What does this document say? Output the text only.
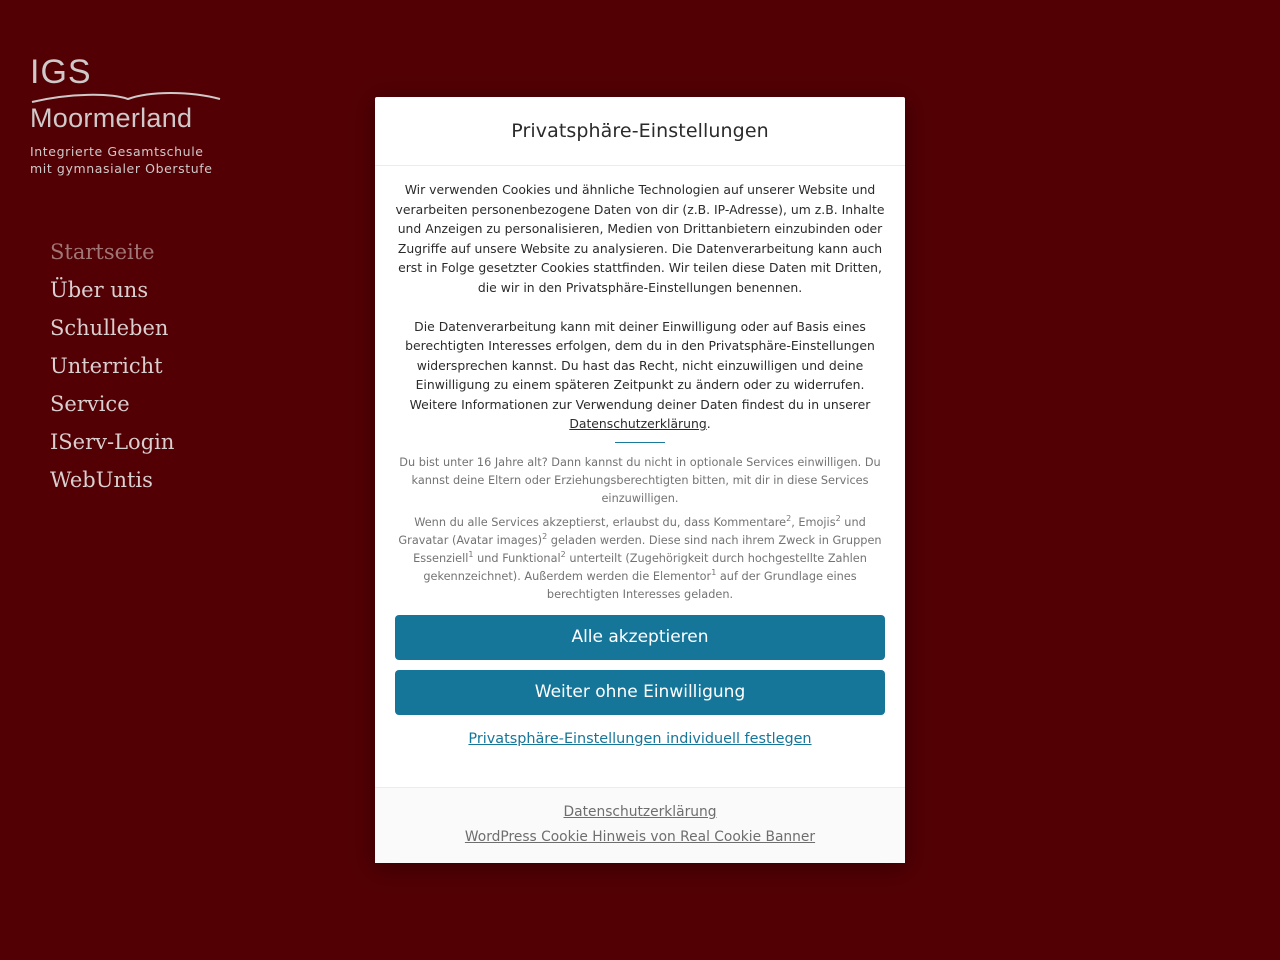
IGS
Moormerland
Integrierte Gesamtschule
mit gymnasialer Oberstufe
Startseite
Über uns
Schulleben
Unterricht
Service
IServ-Login
WebUntis
Privatsphäre-Einstellungen

Wir verwenden Cookies und ähnliche Technologien auf unserer Website und verarbeiten personenbezogene Daten von dir (z.B. IP-Adresse), um z.B. Inhalte und Anzeigen zu personalisieren, Medien von Drittanbietern einzubinden oder Zugriffe auf unsere Website zu analysieren. Die Datenverarbeitung kann auch erst in Folge gesetzter Cookies stattfinden. Wir teilen diese Daten mit Dritten, die wir in den Privatsphäre-Einstellungen benennen.

Die Datenverarbeitung kann mit deiner Einwilligung oder auf Basis eines berechtigten Interesses erfolgen, dem du in den Privatsphäre-Einstellungen widersprechen kannst. Du hast das Recht, nicht einzuwilligen und deine Einwilligung zu einem späteren Zeitpunkt zu ändern oder zu widerrufen. Weitere Informationen zur Verwendung deiner Daten findest du in unserer Datenschutzerklärung.

Du bist unter 16 Jahre alt? Dann kannst du nicht in optionale Services einwilligen. Du kannst deine Eltern oder Erziehungsberechtigten bitten, mit dir in diese Services einzuwilligen.

Wenn du alle Services akzeptierst, erlaubst du, dass Kommentare$^2$, Emojis$^2$ und Gravatar (Avatar images)$^2$ geladen werden. Diese sind nach ihrem Zweck in Gruppen Essenziell$^1$ und Funktional$^2$ unterteilt (Zugehörigkeit durch hochgestellte Zahlen gekennzeichnet). Außerdem werden die Elementor$^1$ auf der Grundlage eines berechtigten Interesses geladen.

Alle akzeptieren
Weiter ohne Einwilligung
Privatsphäre-Einstellungen individuell festlegen
Datenschutzerklärung
WordPress Cookie Hinweis von Real Cookie Banner
